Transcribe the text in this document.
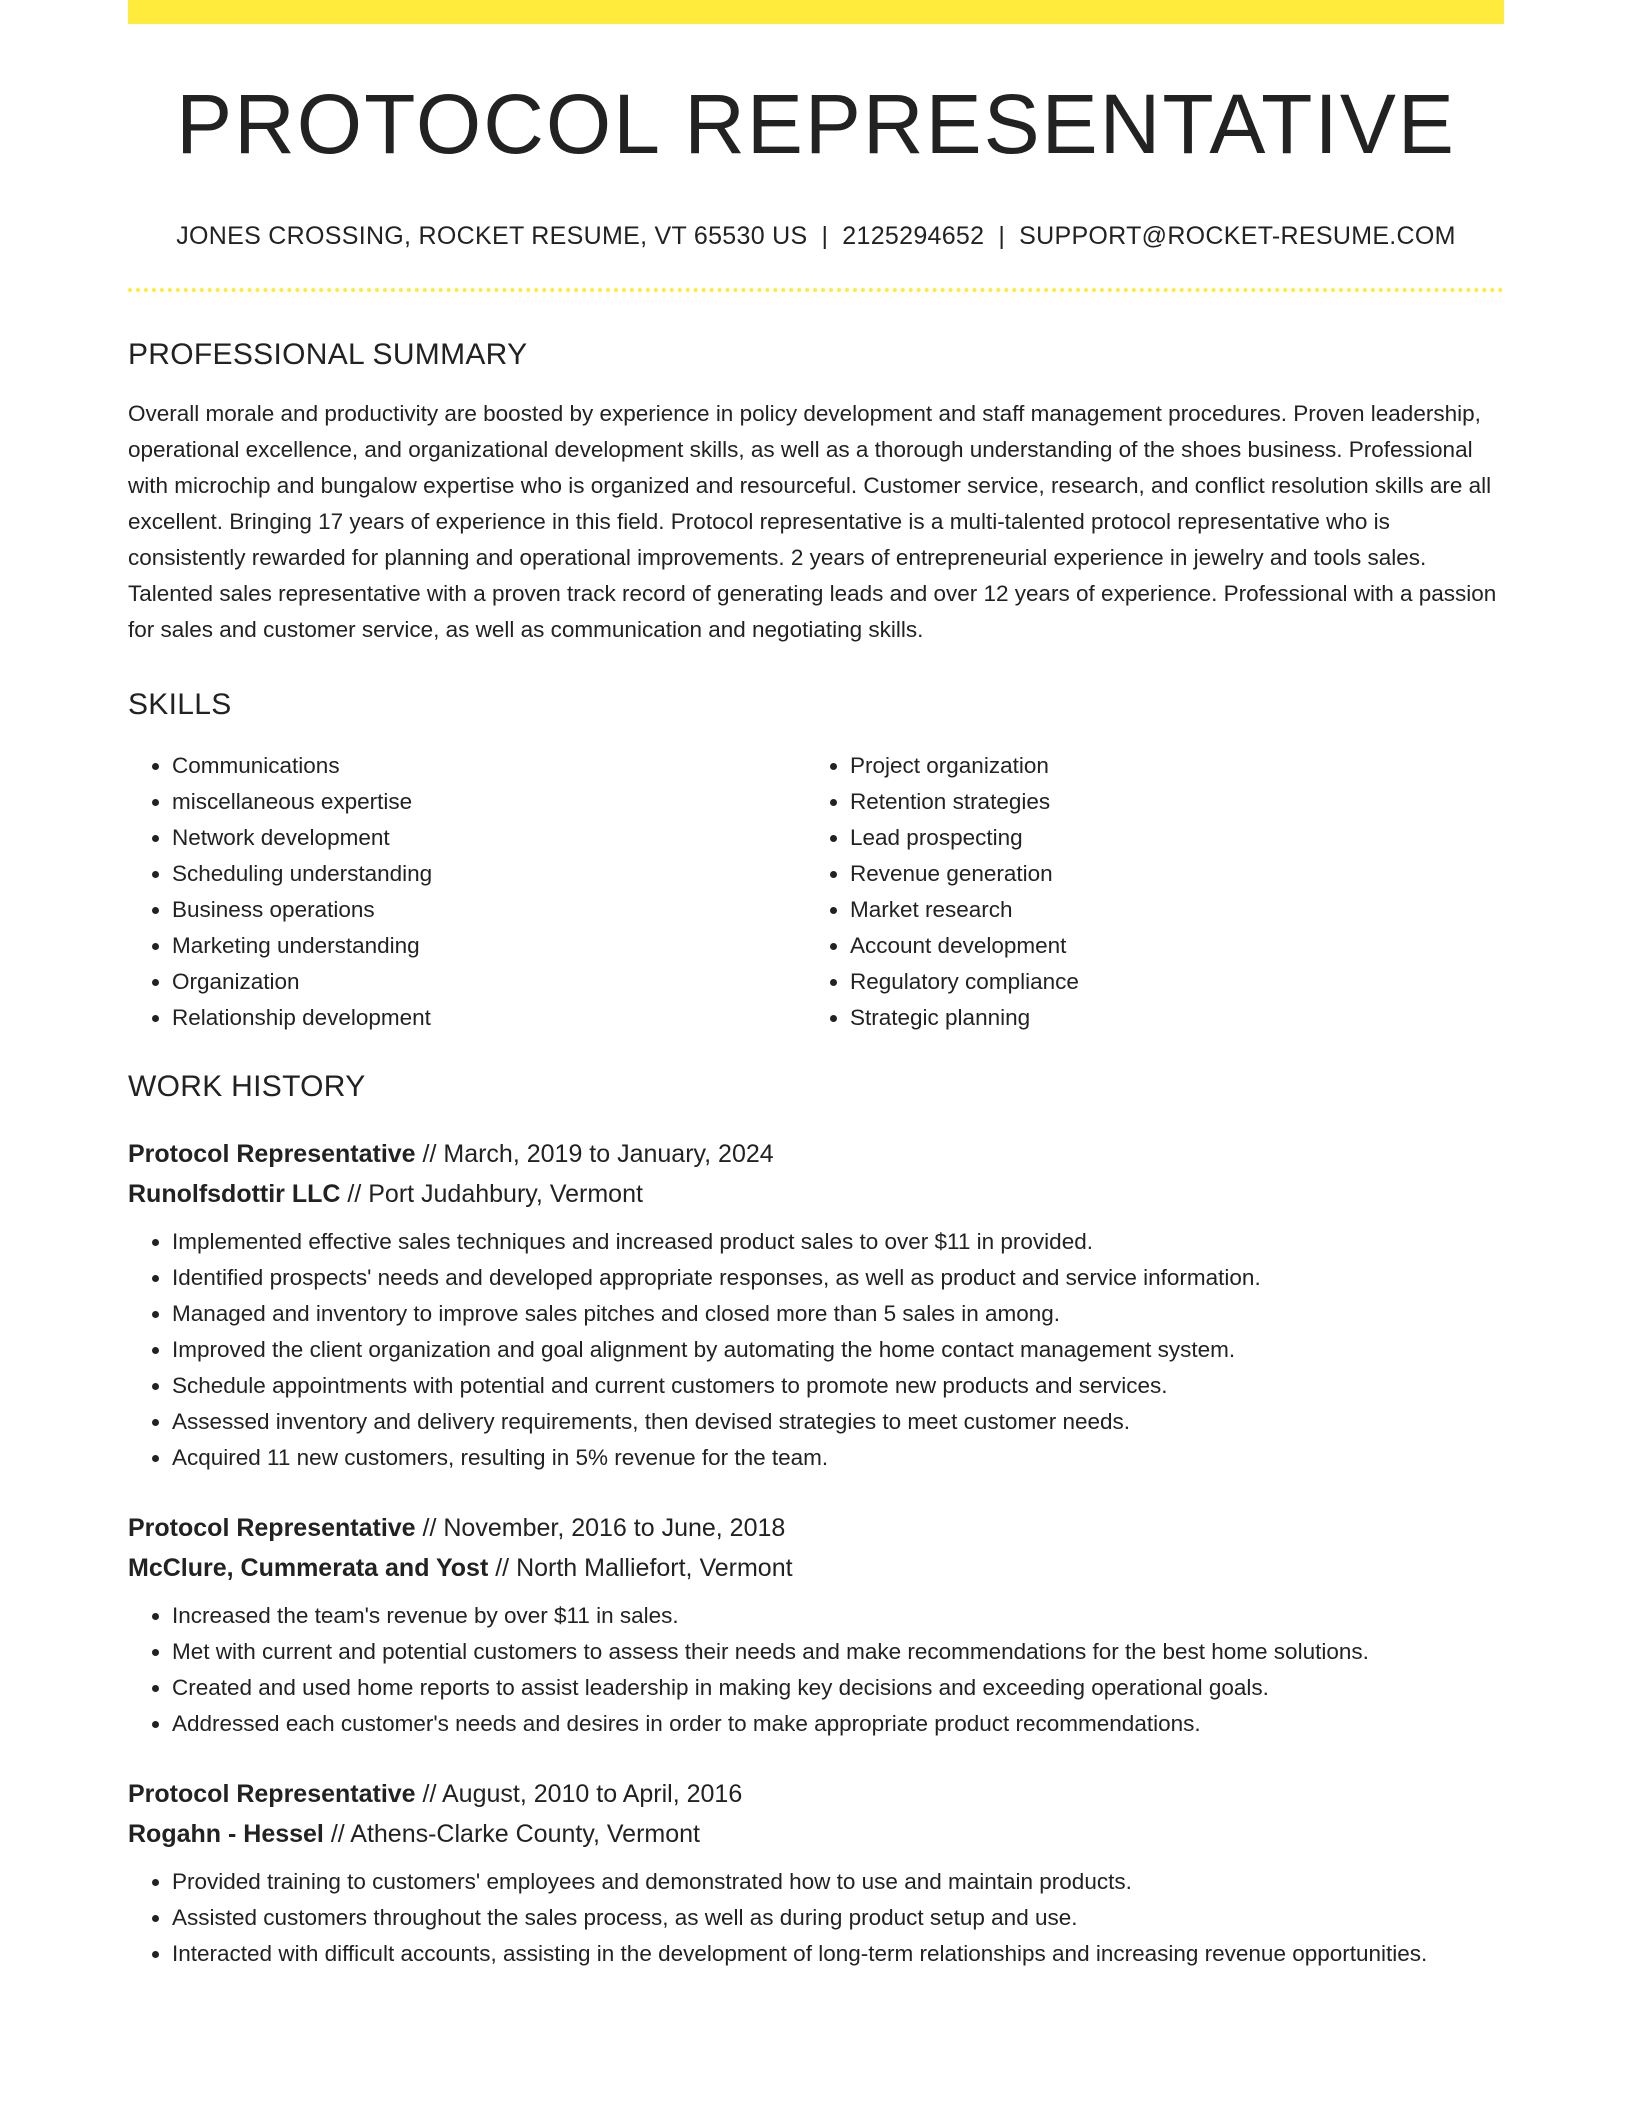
PROTOCOL REPRESENTATIVE
JONES CROSSING, ROCKET RESUME, VT 65530 US | 2125294652 | SUPPORT@ROCKET-RESUME.COM
PROFESSIONAL SUMMARY

Overall morale and productivity are boosted by experience in policy development and staff management procedures. Proven leadership, operational excellence, and organizational development skills, as well as a thorough understanding of the shoes business. Professional with microchip and bungalow expertise who is organized and resourceful. Customer service, research, and conflict resolution skills are all excellent. Bringing 17 years of experience in this field. Protocol representative is a multi-talented protocol representative who is consistently rewarded for planning and operational improvements. 2 years of entrepreneurial experience in jewelry and tools sales. Talented sales representative with a proven track record of generating leads and over 12 years of experience. Professional with a passion for sales and customer service, as well as communication and negotiating skills.

SKILLS
• Communications
• miscellaneous expertise
• Network development
• Scheduling understanding
• Business operations
• Marketing understanding
• Organization
• Relationship development
• Project organization
• Retention strategies
• Lead prospecting
• Revenue generation
• Market research
• Account development
• Regulatory compliance
• Strategic planning
WORK HISTORY
Protocol Representative // March, 2019 to January, 2024
Runolfsdottir LLC // Port Judahbury, Vermont
• Implemented effective sales techniques and increased product sales to over $11 in provided.
• Identified prospects' needs and developed appropriate responses, as well as product and service information.
• Managed and inventory to improve sales pitches and closed more than 5 sales in among.
• Improved the client organization and goal alignment by automating the home contact management system.
• Schedule appointments with potential and current customers to promote new products and services.
• Assessed inventory and delivery requirements, then devised strategies to meet customer needs.
• Acquired 11 new customers, resulting in 5% revenue for the team.
Protocol Representative // November, 2016 to June, 2018
McClure, Cummerata and Yost // North Malliefort, Vermont
• Increased the team's revenue by over $11 in sales.
• Met with current and potential customers to assess their needs and make recommendations for the best home solutions.
• Created and used home reports to assist leadership in making key decisions and exceeding operational goals.
• Addressed each customer's needs and desires in order to make appropriate product recommendations.
Protocol Representative // August, 2010 to April, 2016
Rogahn - Hessel // Athens-Clarke County, Vermont
• Provided training to customers' employees and demonstrated how to use and maintain products.
• Assisted customers throughout the sales process, as well as during product setup and use.
• Interacted with difficult accounts, assisting in the development of long-term relationships and increasing revenue opportunities.
